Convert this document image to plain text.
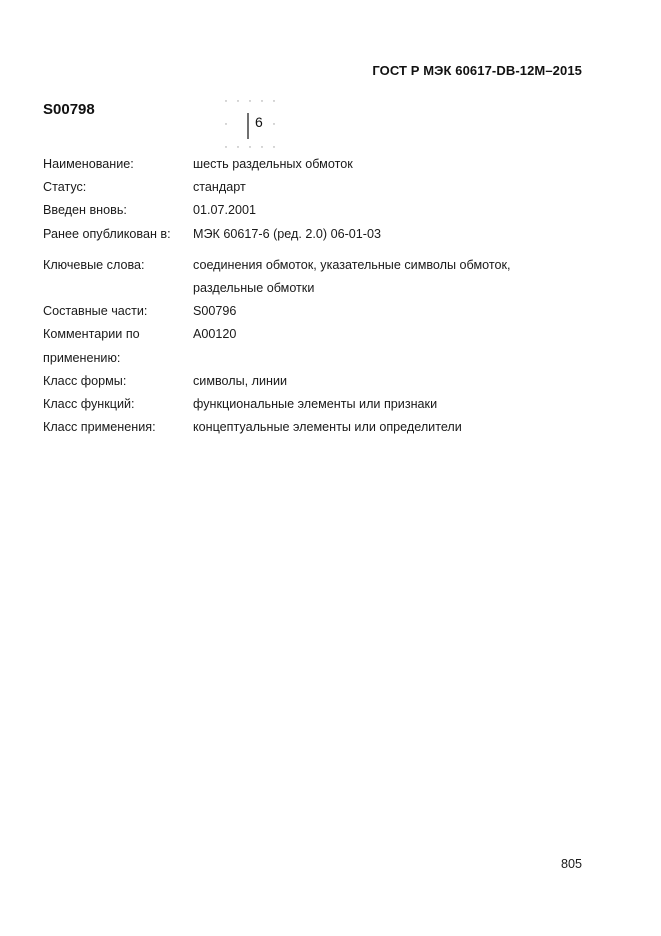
ГОСТ Р МЭК 60617-DB-12M–2015
S00798
6
Наименование:	шесть раздельных обмоток
Статус:	стандарт
Введен вновь:	01.07.2001
Ранее опубликован в:	МЭК 60617-6 (ред. 2.0) 06-01-03
Ключевые слова:	соединения обмоток, указательные символы обмоток,
раздельные обмотки
Составные части:	S00796
Комментарии по
применению:
A00120
Класс формы:	символы, линии
Класс функций:	функциональные элементы или признаки
Класс применения:	концептуальные элементы или определители
805
